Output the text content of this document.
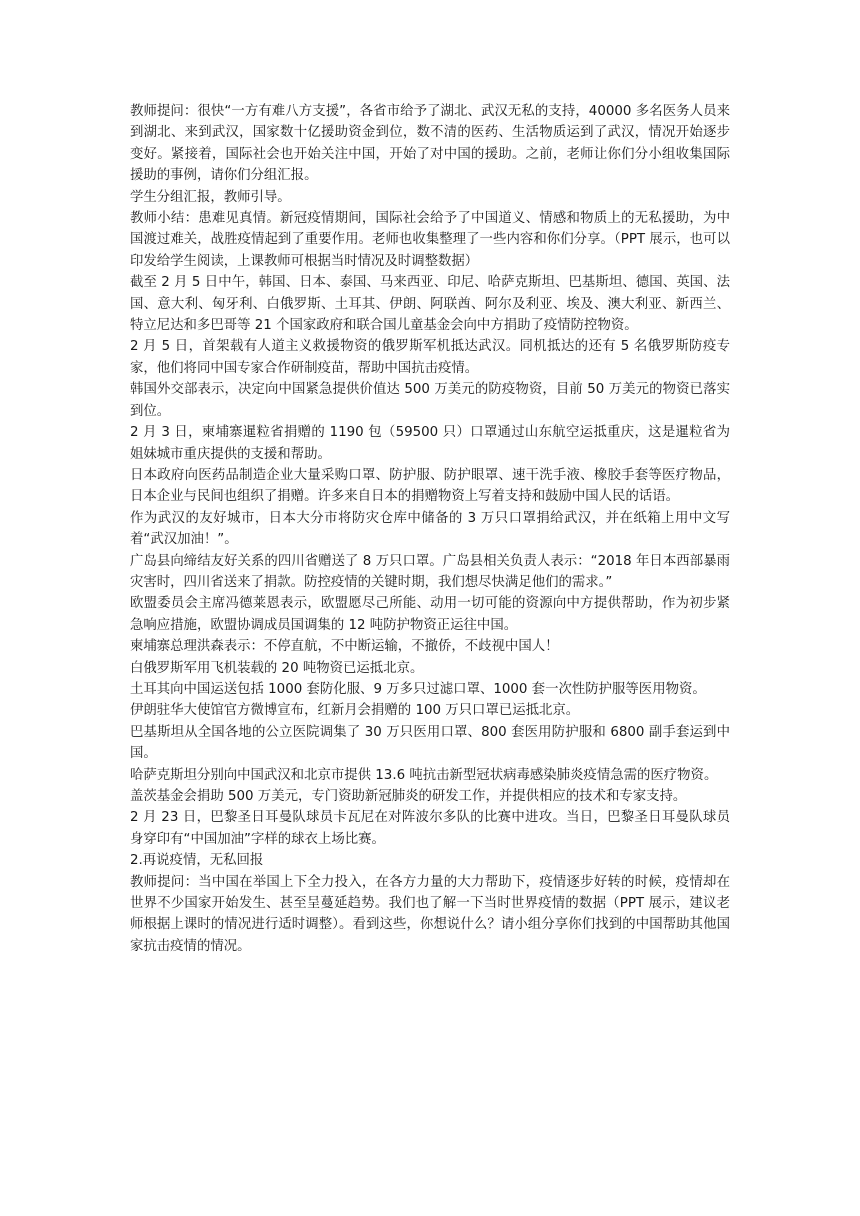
教师提问：很快“一方有难八方支援”，各省市给予了湖北、武汉无私的支持，40000 多名医务人员来到湖北、来到武汉，国家数十亿援助资金到位，数不清的医药、生活物质运到了武汉，情况开始逐步变好。紧接着，国际社会也开始关注中国，开始了对中国的援助。之前，老师让你们分小组收集国际援助的事例，请你们分组汇报。

学生分组汇报，教师引导。

教师小结：患难见真情。新冠疫情期间，国际社会给予了中国道义、情感和物质上的无私援助，为中国渡过难关，战胜疫情起到了重要作用。老师也收集整理了一些内容和你们分享。（PPT 展示，也可以印发给学生阅读，上课教师可根据当时情况及时调整数据）

截至 2 月 5 日中午，韩国、日本、泰国、马来西亚、印尼、哈萨克斯坦、巴基斯坦、德国、英国、法国、意大利、匈牙利、白俄罗斯、土耳其、伊朗、阿联酋、阿尔及利亚、埃及、澳大利亚、新西兰、特立尼达和多巴哥等 21 个国家政府和联合国儿童基金会向中方捐助了疫情防控物资。

2 月 5 日，首架载有人道主义救援物资的俄罗斯军机抵达武汉。同机抵达的还有 5 名俄罗斯防疫专家，他们将同中国专家合作研制疫苗，帮助中国抗击疫情。

韩国外交部表示，决定向中国紧急提供价值达 500 万美元的防疫物资，目前 50 万美元的物资已落实到位。

2 月 3 日，柬埔寨暹粒省捐赠的 1190 包（59500 只）口罩通过山东航空运抵重庆，这是暹粒省为姐妹城市重庆提供的支援和帮助。

日本政府向医药品制造企业大量采购口罩、防护服、防护眼罩、速干洗手液、橡胶手套等医疗物品，日本企业与民间也组织了捐赠。许多来自日本的捐赠物资上写着支持和鼓励中国人民的话语。

作为武汉的友好城市，日本大分市将防灾仓库中储备的 3 万只口罩捐给武汉，并在纸箱上用中文写着“武汉加油！”。

广岛县向缔结友好关系的四川省赠送了 8 万只口罩。广岛县相关负责人表示：“2018 年日本西部暴雨灾害时，四川省送来了捐款。防控疫情的关键时期，我们想尽快满足他们的需求。”

欧盟委员会主席冯德莱恩表示，欧盟愿尽己所能、动用一切可能的资源向中方提供帮助，作为初步紧急响应措施，欧盟协调成员国调集的 12 吨防护物资正运往中国。

柬埔寨总理洪森表示：不停直航，不中断运输，不撤侨，不歧视中国人！

白俄罗斯军用飞机装载的 20 吨物资已运抵北京。

土耳其向中国运送包括 1000 套防化服、9 万多只过滤口罩、1000 套一次性防护服等医用物资。

伊朗驻华大使馆官方微博宣布，红新月会捐赠的 100 万只口罩已运抵北京。

巴基斯坦从全国各地的公立医院调集了 30 万只医用口罩、800 套医用防护服和 6800 副手套运到中国。

哈萨克斯坦分别向中国武汉和北京市提供 13.6 吨抗击新型冠状病毒感染肺炎疫情急需的医疗物资。

盖茨基金会捐助 500 万美元，专门资助新冠肺炎的研发工作，并提供相应的技术和专家支持。

2 月 23 日，巴黎圣日耳曼队球员卡瓦尼在对阵波尔多队的比赛中进攻。当日，巴黎圣日耳曼队球员身穿印有“中国加油”字样的球衣上场比赛。

2.再说疫情，无私回报

教师提问：当中国在举国上下全力投入，在各方力量的大力帮助下，疫情逐步好转的时候，疫情却在世界不少国家开始发生、甚至呈蔓延趋势。我们也了解一下当时世界疫情的数据（PPT 展示，建议老师根据上课时的情况进行适时调整）。看到这些，你想说什么？请小组分享你们找到的中国帮助其他国家抗击疫情的情况。
